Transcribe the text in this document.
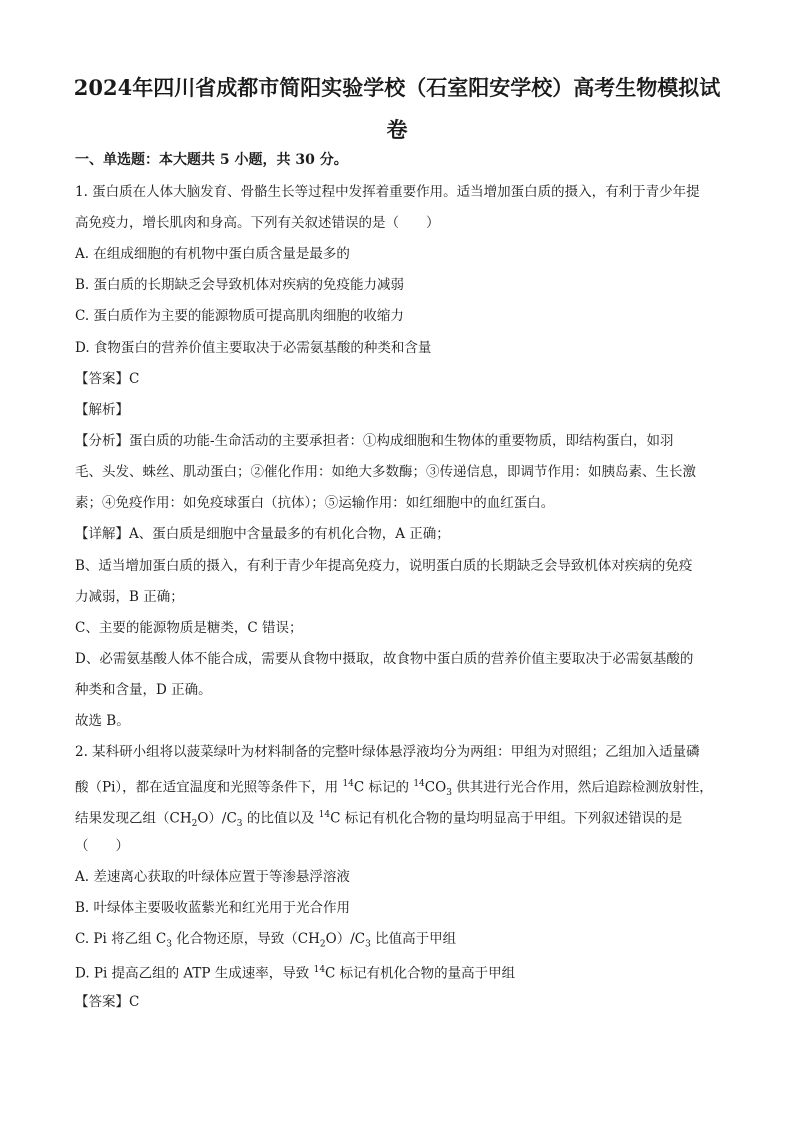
2024年四川省成都市简阳实验学校（石室阳安学校）高考生物模拟试
卷

一、单选题：本大题共 5 小题，共 30 分。

1. 蛋白质在人体大脑发育、骨骼生长等过程中发挥着重要作用。适当增加蛋白质的摄入，有利于青少年提

高免疫力，增长肌肉和身高。下列有关叙述错误的是（　　）

A. 在组成细胞的有机物中蛋白质含量是最多的

B. 蛋白质的长期缺乏会导致机体对疾病的免疫能力减弱

C. 蛋白质作为主要的能源物质可提高肌肉细胞的收缩力

D. 食物蛋白的营养价值主要取决于必需氨基酸的种类和含量

【答案】C

【解析】

【分析】蛋白质的功能-生命活动的主要承担者：①构成细胞和生物体的重要物质，即结构蛋白，如羽

毛、头发、蛛丝、肌动蛋白；②催化作用：如绝大多数酶；③传递信息，即调节作用：如胰岛素、生长激

素；④免疫作用：如免疫球蛋白（抗体）；⑤运输作用：如红细胞中的血红蛋白。

【详解】A、蛋白质是细胞中含量最多的有机化合物，A 正确；

B、适当增加蛋白质的摄入，有利于青少年提高免疫力，说明蛋白质的长期缺乏会导致机体对疾病的免疫

力减弱，B 正确；

C、主要的能源物质是糖类，C 错误；

D、必需氨基酸人体不能合成，需要从食物中摄取，故食物中蛋白质的营养价值主要取决于必需氨基酸的

种类和含量，D 正确。

故选 B。

2. 某科研小组将以菠菜绿叶为材料制备的完整叶绿体悬浮液均分为两组：甲组为对照组；乙组加入适量磷

酸（Pi），都在适宜温度和光照等条件下，用 $^{14}$C 标记的 $^{14}CO_3$ 供其进行光合作用，然后追踪检测放射性，

结果发现乙组$(CH_2O)/C_3$ 的比值以及 $^{14}$C 标记有机化合物的量均明显高于甲组。下列叙述错误的是

（　　）

A. 差速离心获取的叶绿体应置于等渗悬浮溶液

B. 叶绿体主要吸收蓝紫光和红光用于光合作用

C. Pi 将乙组 $C_3$ 化合物还原，导致$(CH_2O)/C_3$ 比值高于甲组

D. Pi 提高乙组的 ATP 生成速率，导致 $^{14}$C 标记有机化合物的量高于甲组

【答案】C
